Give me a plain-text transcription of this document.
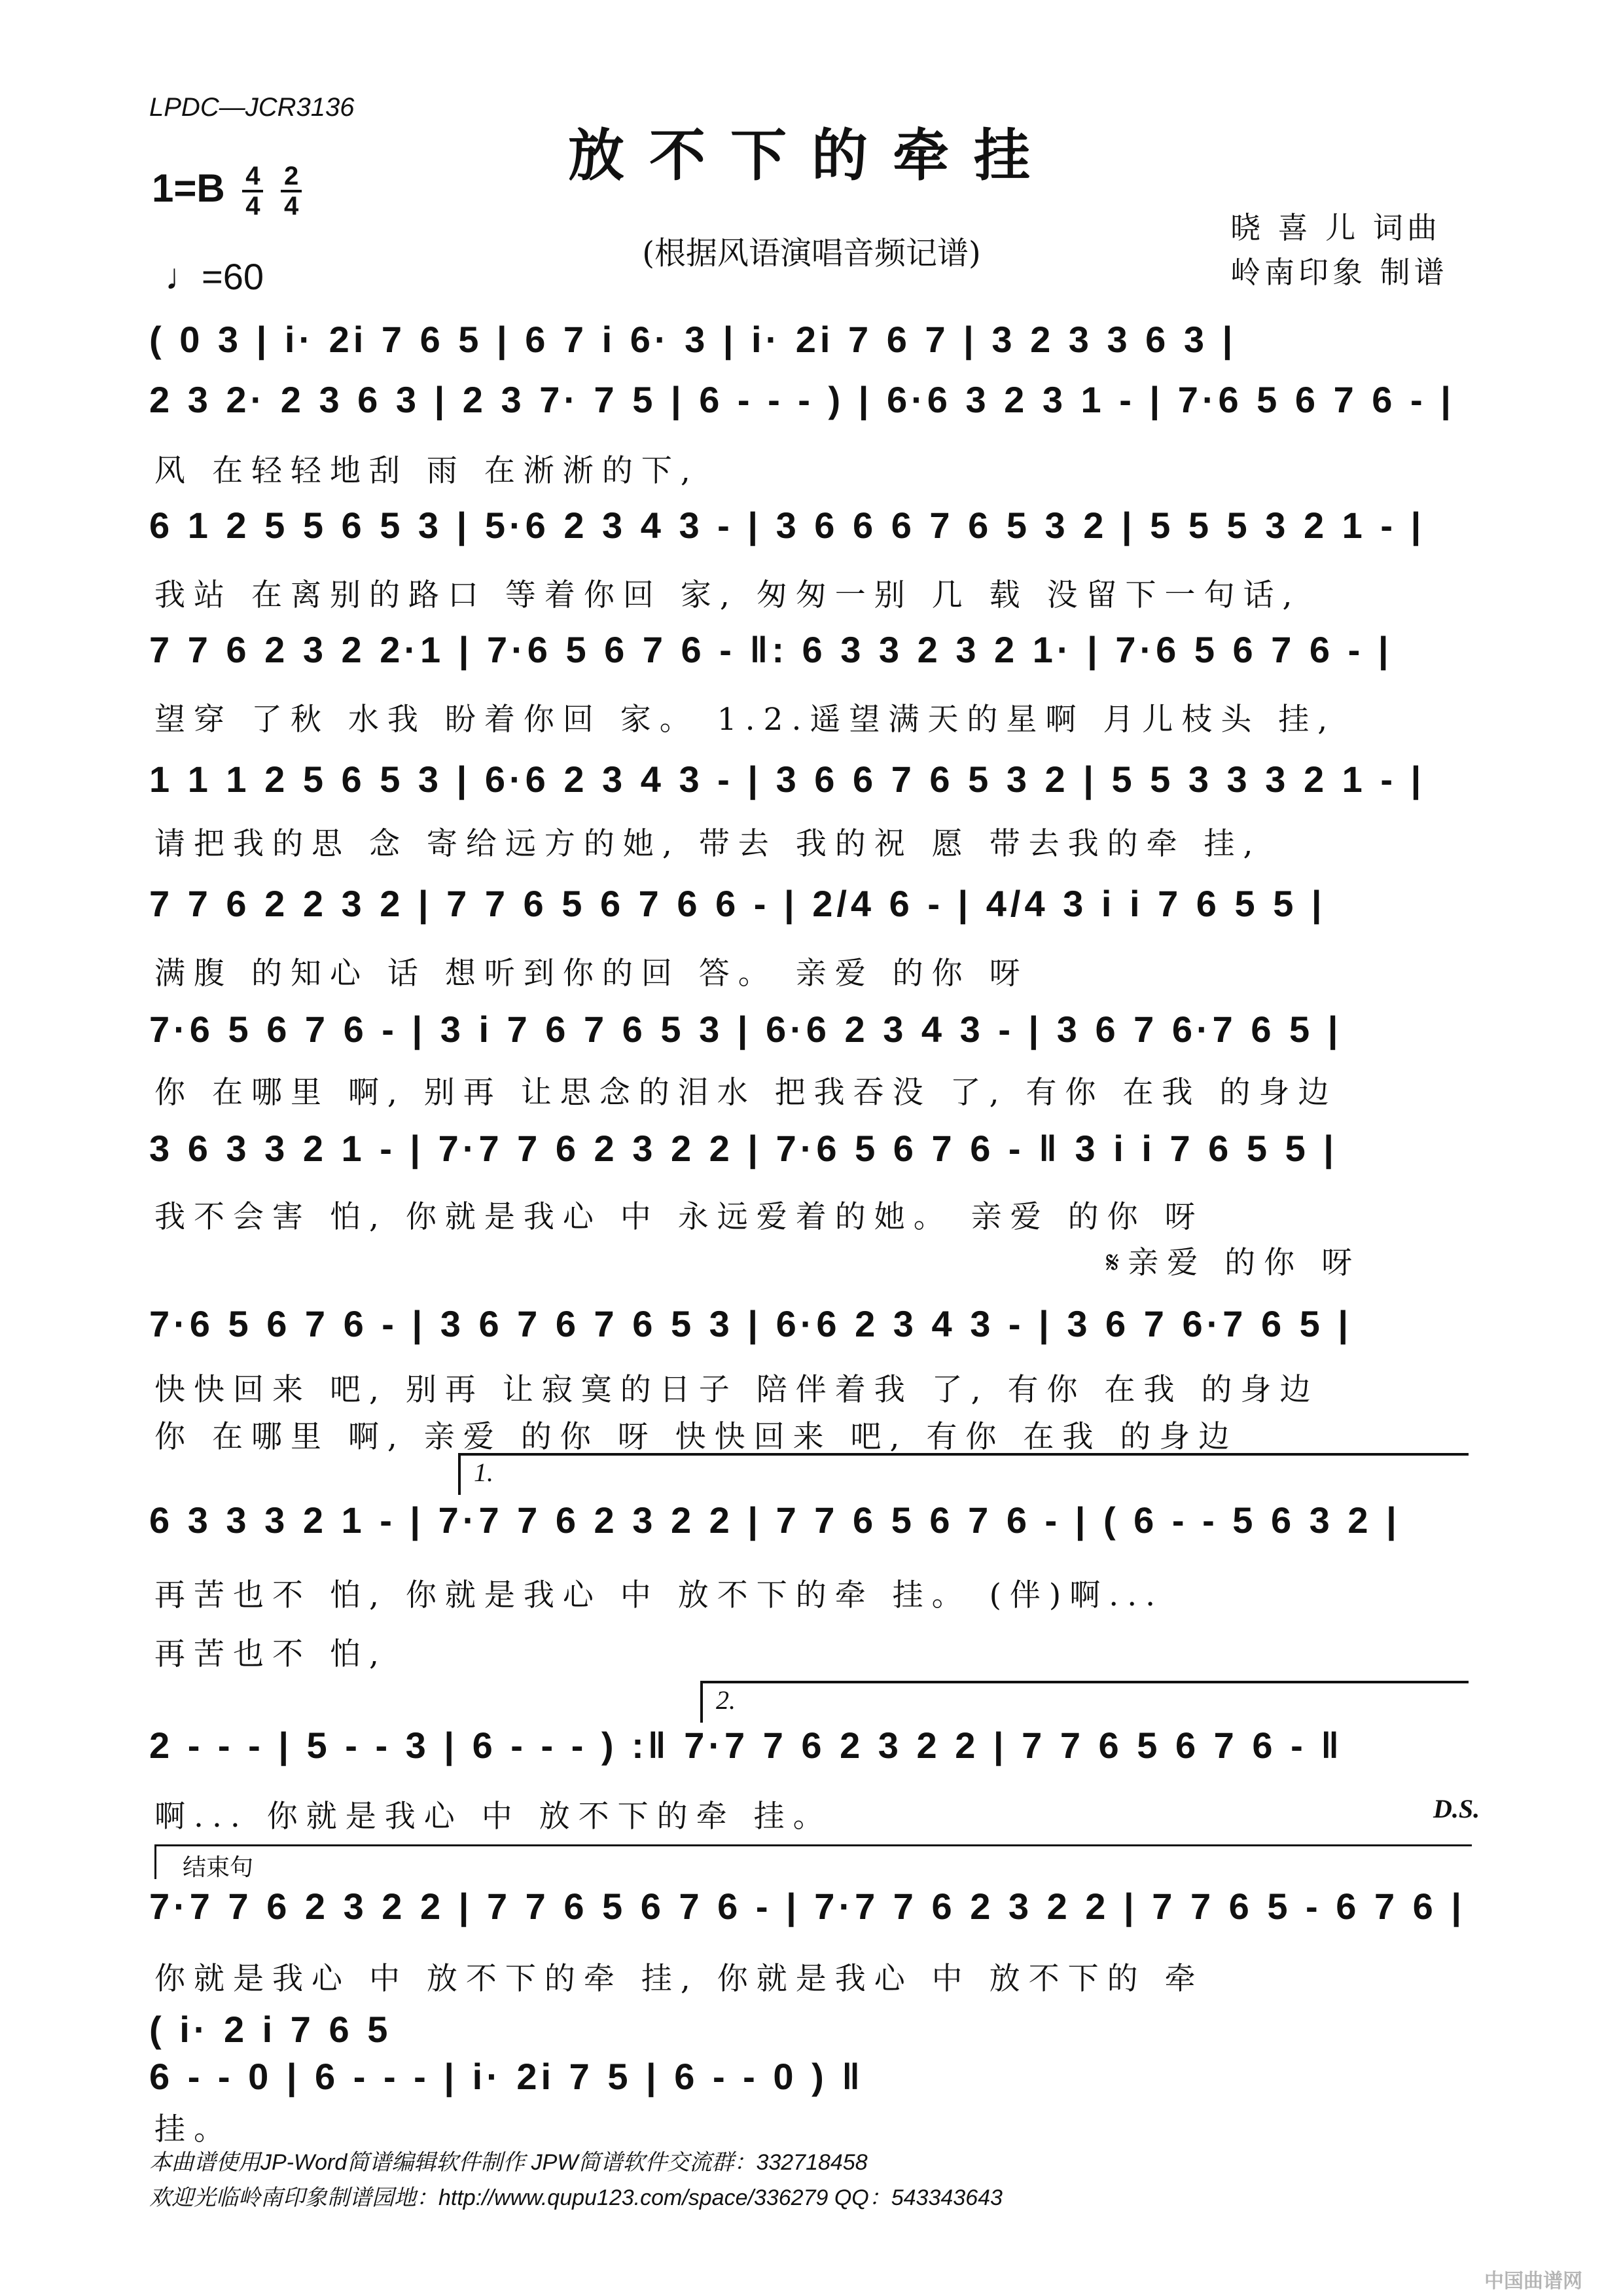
LPDC—JCR3136
放不下的牵挂
$1=B \frac{4}{4}$
$\frac{2}{4}$
(根据风语演唱音频记谱)
晓 喜 儿 词曲
岭南印象 制谱
♩=60
( 0 3 | i· 2i 7 6 5 | 6 7 i 6· 3 | i· 2i 7 6 7 | 3 2 3 3 6 3 |
2 3 2· 2 3 6 3 | 2 3 7· 7 5 | 6 - - - ) | 6·6 3 2 3 1 - | 7·6 5 6 7 6 - |
风 在轻轻地刮 雨 在淅淅的下,
6 1 2 5 5 6 5 3 | 5·6 2 3 4 3 - | 3 6 6 6 7 6 5 3 2 | 5 5 5 3 2 1 - |
我站 在离别的路口 等着你回 家, 匆匆一别 几 载 没留下一句话,
7 7 6 2 3 2 2·1 | 7·6 5 6 7 6 - ‖: 6 3 3 2 3 2 1· | 7·6 5 6 7 6 - |
望穿 了秋 水我 盼着你回 家。 1.2.遥望满天的星啊 月儿枝头 挂,
1 1 1 2 5 6 5 3 | 6·6 2 3 4 3 - | 3 6 6 7 6 5 3 2 | 5 5 3 3 3 2 1 - |
请把我的思 念 寄给远方的她, 带去 我的祝 愿 带去我的牵 挂,
7 7 6 2 2 3 2 | 7 7 6 5 6 7 6 6 - | 2/4 6 - | 4/4 3 i i 7 6 5 5 |
满腹 的知心 话 想听到你的回 答。 亲爱 的你 呀
7·6 5 6 7 6 - | 3 i 7 6 7 6 5 3 | 6·6 2 3 4 3 - | 3 6 7 6·7 6 5 |
你 在哪里 啊, 别再 让思念的泪水 把我吞没 了, 有你 在我 的身边
3 6 3 3 2 1 - | 7·7 7 6 2 3 2 2 | 7·6 5 6 7 6 - ‖ 3 i i 7 6 5 5 |
我不会害 怕, 你就是我心 中 永远爱着的她。 亲爱 的你 呀
𝄋亲爱 的你 呀
7·6 5 6 7 6 - | 3 6 7 6 7 6 5 3 | 6·6 2 3 4 3 - | 3 6 7 6·7 6 5 |
快快回来 吧, 别再 让寂寞的日子 陪伴着我 了, 有你 在我 的身边
你 在哪里 啊, 亲爱 的你 呀 快快回来 吧, 有你 在我 的身边
1.
6 3 3 3 2 1 - | 7·7 7 6 2 3 2 2 | 7 7 6 5 6 7 6 - | ( 6 - - 5 6 3 2 |
再苦也不 怕, 你就是我心 中 放不下的牵 挂。 (伴)啊...
再苦也不 怕,
2.
2 - - - | 5 - - 3 | 6 - - - ) :‖ 7·7 7 6 2 3 2 2 | 7 7 6 5 6 7 6 - ‖
啊... 你就是我心 中 放不下的牵 挂。	D.S.
结束句
7·7 7 6 2 3 2 2 | 7 7 6 5 6 7 6 - | 7·7 7 6 2 3 2 2 | 7 7 6 5 - 6 7 6 |
你就是我心 中 放不下的牵 挂, 你就是我心 中 放不下的 牵
( i· 2 i 7 6 5
6 - - 0 | 6 - - - | i· 2i 7 5 | 6 - - 0 ) ‖
挂。
本曲谱使用JP-Word简谱编辑软件制作 JPW简谱软件交流群：332718458
欢迎光临岭南印象制谱园地：http://www.qupu123.com/space/336279 QQ：543343643
中国曲谱网
